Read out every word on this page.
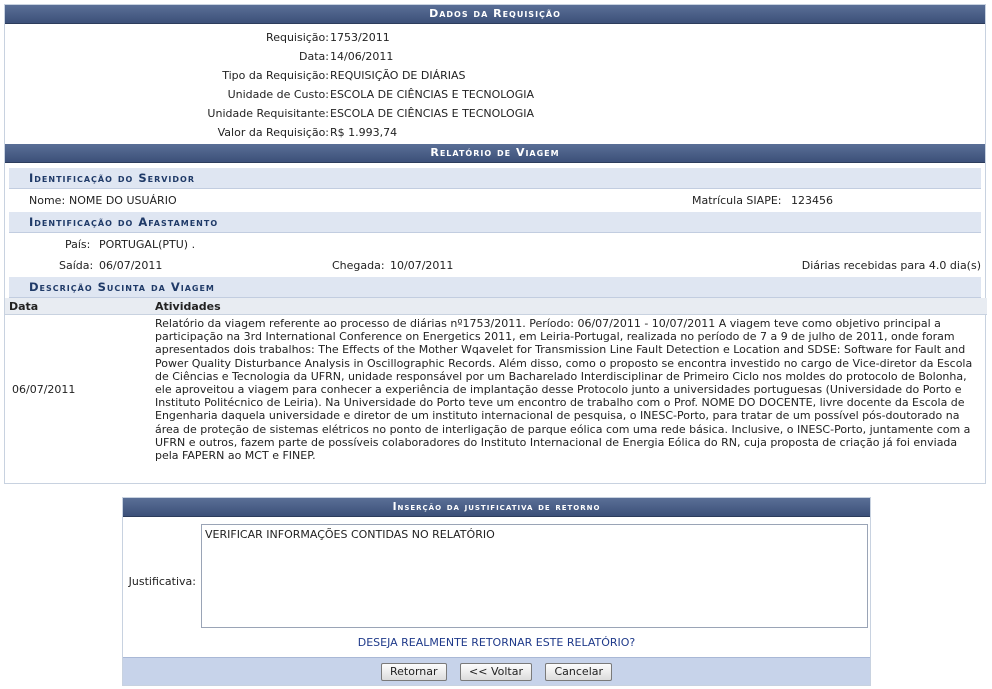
Dados da Requisição
Requisição: 1753/2011
Data: 14/06/2011
Tipo da Requisição: REQUISIÇÃO DE DIÁRIAS
Unidade de Custo: ESCOLA DE CIÊNCIAS E TECNOLOGIA
Unidade Requisitante: ESCOLA DE CIÊNCIAS E TECNOLOGIA
Valor da Requisição: R$ 1.993,74
Relatório de Viagem
Identificação do Servidor
Nome: NOME DO USUÁRIO	Matrícula SIAPE: 123456
Identificação do Afastamento
País: PORTUGAL(PTU) .
Saída: 06/07/2011	Chegada: 10/07/2011	Diárias recebidas para 4.0 dia(s)
Descrição Sucinta da Viagem
Data	Atividades
06/07/2011	Relatório da viagem referente ao processo de diárias nº1753/2011. Período: 06/07/2011 - 10/07/2011 A viagem teve como objetivo principal a participação na 3rd International Conference on Energetics 2011, em Leiria-Portugal, realizada no período de 7 a 9 de julho de 2011, onde foram apresentados dois trabalhos: The Effects of the Mother Wqavelet for Transmission Line Fault Detection e Location and SDSE: Software for Fault and Power Quality Disturbance Analysis in Oscillographic Records. Além disso, como o proposto se encontra investido no cargo de Vice-diretor da Escola de Ciências e Tecnologia da UFRN, unidade responsável por um Bacharelado Interdisciplinar de Primeiro Ciclo nos moldes do protocolo de Bolonha, ele aproveitou a viagem para conhecer a experiência de implantação desse Protocolo junto a universidades portuguesas (Universidade do Porto e Instituto Politécnico de Leiria). Na Universidade do Porto teve um encontro de trabalho com o Prof. NOME DO DOCENTE, livre docente da Escola de Engenharia daquela universidade e diretor de um instituto internacional de pesquisa, o INESC-Porto, para tratar de um possível pós-doutorado na área de proteção de sistemas elétricos no ponto de interligação de parque eólica com uma rede básica. Inclusive, o INESC-Porto, juntamente com a UFRN e outros, fazem parte de possíveis colaboradores do Instituto Internacional de Energia Eólica do RN, cuja proposta de criação já foi enviada pela FAPERN ao MCT e FINEP.
Inserção da justificativa de retorno
Justificativa:
VERIFICAR INFORMAÇÕES CONTIDAS NO RELATÓRIO
DESEJA REALMENTE RETORNAR ESTE RELATÓRIO?
Retornar	<< Voltar	Cancelar
